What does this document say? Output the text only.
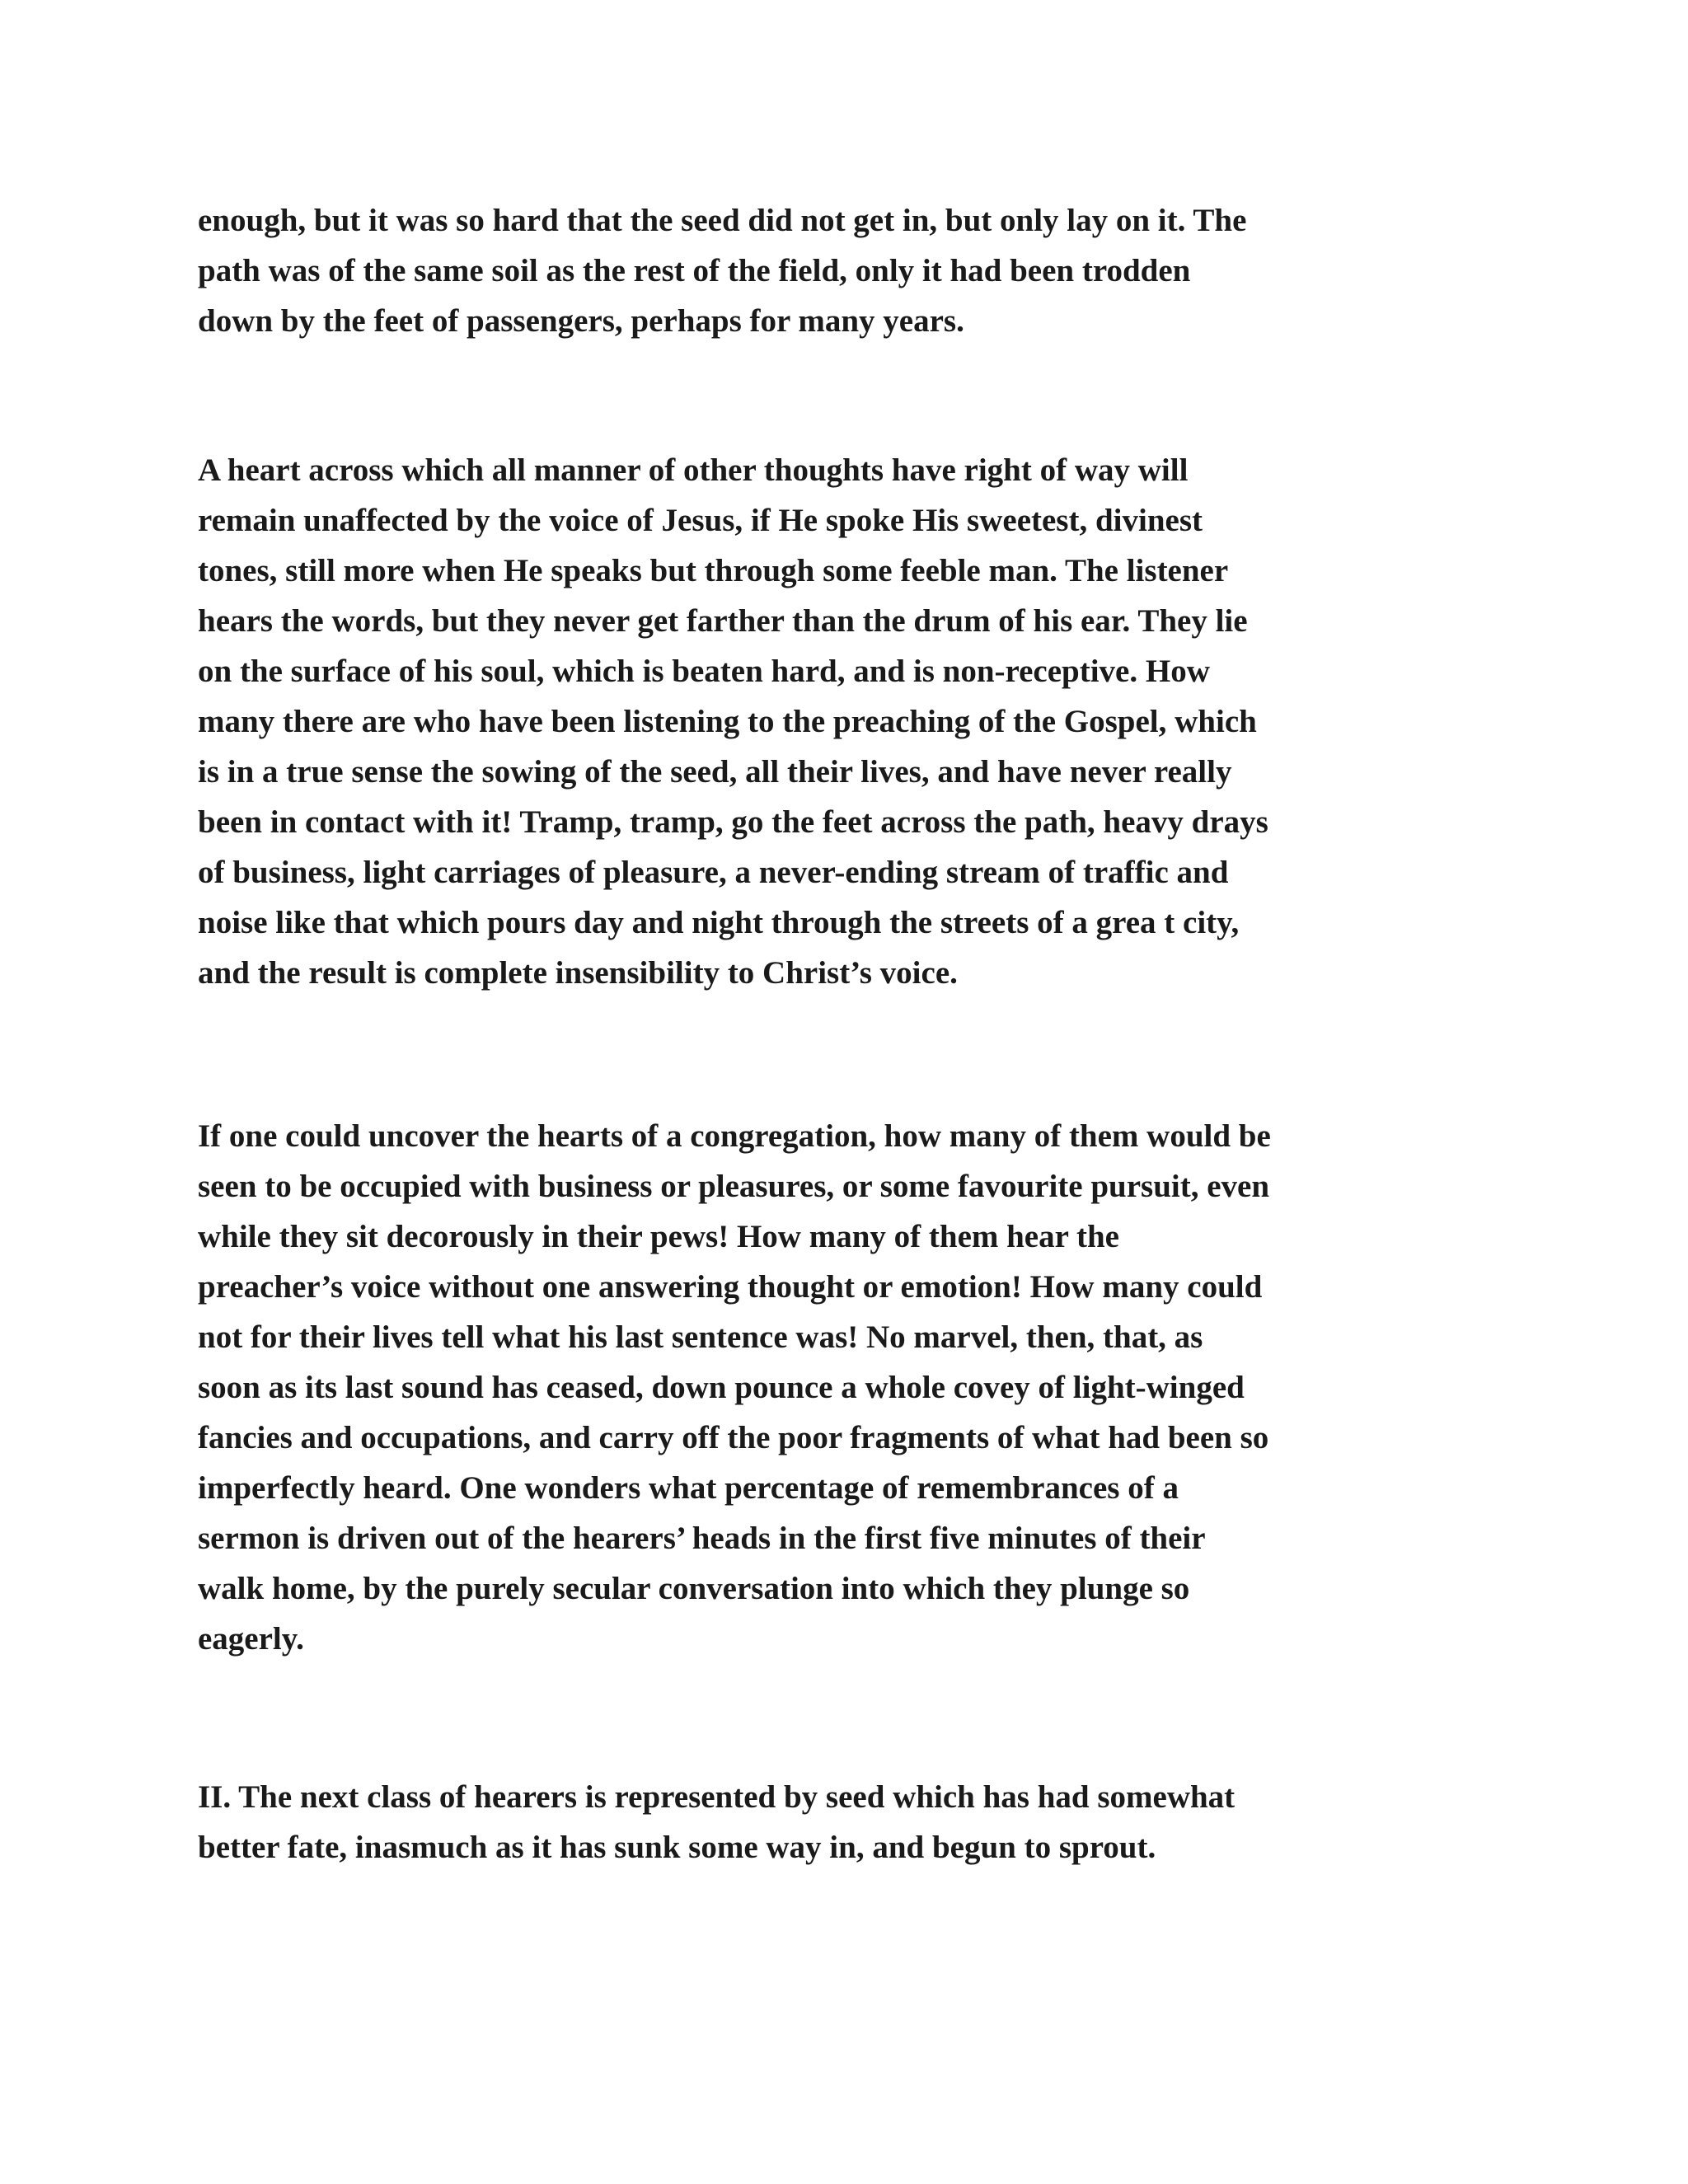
enough, but it was so hard that the seed did not get in, but only lay on it. The
path was of the same soil as the rest of the field, only it had been trodden
down by the feet of passengers, perhaps for many years.

A heart across which all manner of other thoughts have right of way will
remain unaffected by the voice of Jesus, if He spoke His sweetest, divinest
tones, still more when He speaks but through some feeble man. The listener
hears the words, but they never get farther than the drum of his ear. They lie
on the surface of his soul, which is beaten hard, and is non-receptive. How
many there are who have been listening to the preaching of the Gospel, which
is in a true sense the sowing of the seed, all their lives, and have never really
been in contact with it! Tramp, tramp, go the feet across the path, heavy drays
of business, light carriages of pleasure, a never-ending stream of traffic and
noise like that which pours day and night through the streets of a grea t city,
and the result is complete insensibility to Christ’s voice.

If one could uncover the hearts of a congregation, how many of them would be
seen to be occupied with business or pleasures, or some favourite pursuit, even
while they sit decorously in their pews! How many of them hear the
preacher’s voice without one answering thought or emotion! How many could
not for their lives tell what his last sentence was! No marvel, then, that, as
soon as its last sound has ceased, down pounce a whole covey of light-winged
fancies and occupations, and carry off the poor fragments of what had been so
imperfectly heard. One wonders what percentage of remembrances of a
sermon is driven out of the hearers’ heads in the first five minutes of their
walk home, by the purely secular conversation into which they plunge so
eagerly.

II. The next class of hearers is represented by seed which has had somewhat
better fate, inasmuch as it has sunk some way in, and begun to sprout.
